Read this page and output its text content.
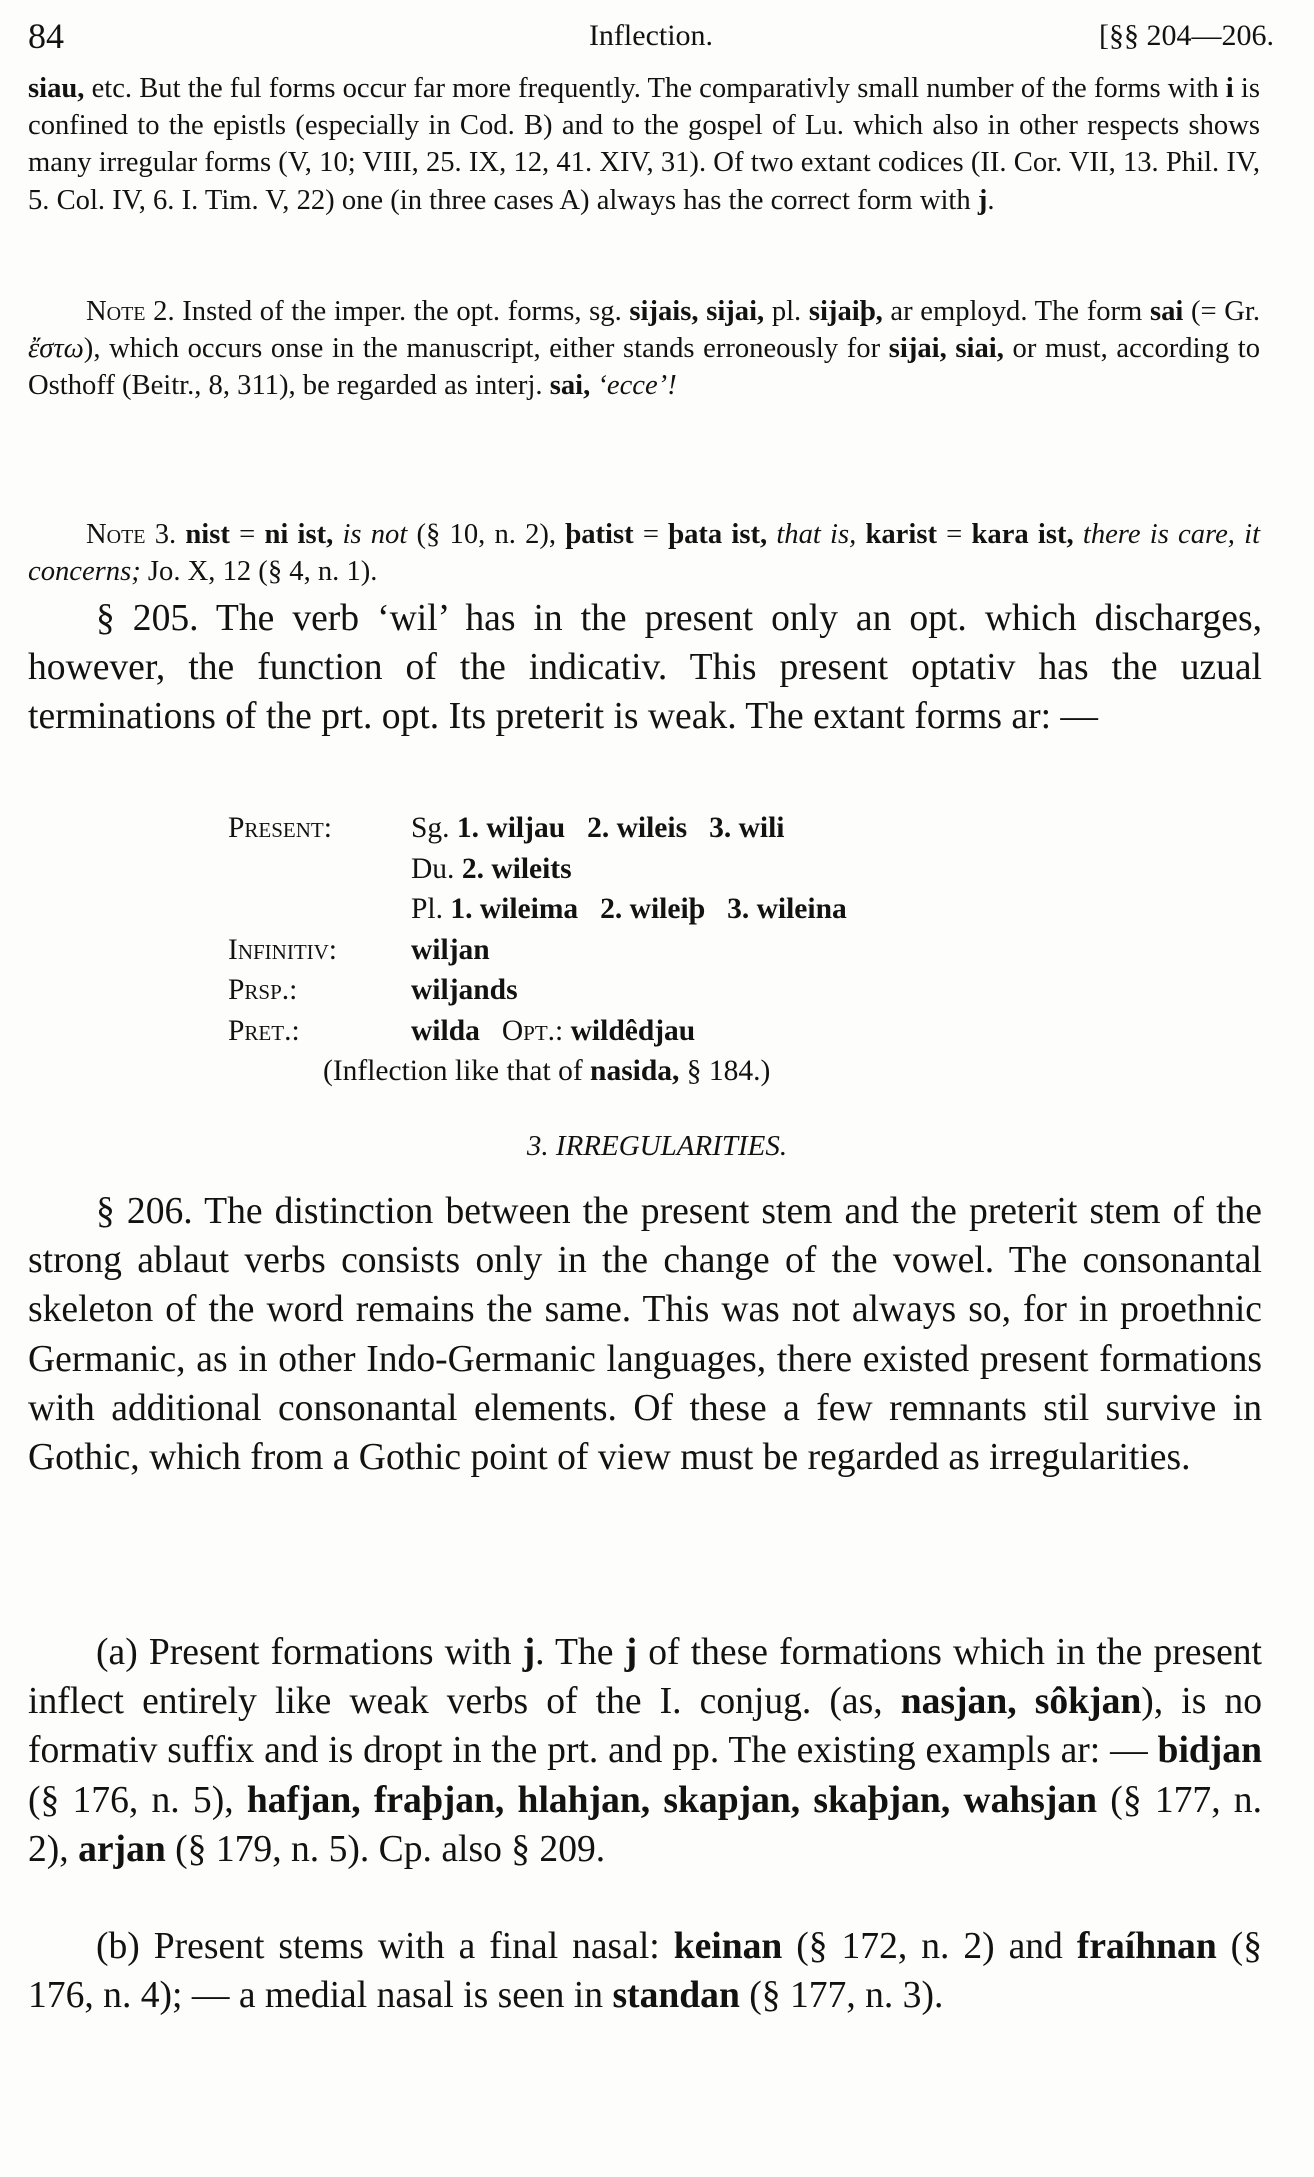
84	Inflection.	[§§ 204—206.

siau, etc. But the ful forms occur far more frequently. The comparativly small number of the forms with i is confined to the epistls (especially in Cod. B) and to the gospel of Lu. which also in other respects shows many irregular forms (V, 10; VIII, 25. IX, 12, 41. XIV, 31). Of two extant codices (II. Cor. VII, 13. Phil. IV, 5. Col. IV, 6. I. Tim. V, 22) one (in three cases A) always has the correct form with j.

Note 2. Insted of the imper. the opt. forms, sg. sijais, sijai, pl. sijaiþ, ar employd. The form sai (= Gr. ἔστω), which occurs onse in the manuscript, either stands erroneously for sijai, siai, or must, according to Osthoff (Beitr., 8, 311), be regarded as interj. sai, ‘ecce’!

Note 3. nist = ni ist, is not (§ 10, n. 2), þatist = þata ist, that is, karist = kara ist, there is care, it concerns; Jo. X, 12 (§ 4, n. 1).

§ 205. The verb ‘wil’ has in the present only an opt. which discharges, however, the function of the indicativ. This present optativ has the uzual terminations of the prt. opt. Its preterit is weak. The extant forms ar: —

Present:	Sg. 1. wiljau 2. wileis 3. wili
Du. 2. wileits
Pl. 1. wileima 2. wileiþ 3. wileina
Infinitiv:	wiljan
Prsp.:	wiljands
Pret.:	wilda Opt.: wildêdjau
(Inflection like that of nasida, § 184.)
3. IRREGULARITIES.

§ 206. The distinction between the present stem and the preterit stem of the strong ablaut verbs consists only in the change of the vowel. The consonantal skeleton of the word remains the same. This was not always so, for in proethnic Germanic, as in other Indo-Germanic languages, there existed present formations with additional consonantal elements. Of these a few remnants stil survive in Gothic, which from a Gothic point of view must be regarded as irregularities.

(a) Present formations with j. The j of these formations which in the present inflect entirely like weak verbs of the I. conjug. (as, nasjan, sôkjan), is no formativ suffix and is dropt in the prt. and pp. The existing exampls ar: — bidjan (§ 176, n. 5), hafjan, fraþjan, hlahjan, skapjan, skaþjan, wahsjan (§ 177, n. 2), arjan (§ 179, n. 5). Cp. also § 209.

(b) Present stems with a final nasal: keinan (§ 172, n. 2) and fraíhnan (§ 176, n. 4); — a medial nasal is seen in standan (§ 177, n. 3).
